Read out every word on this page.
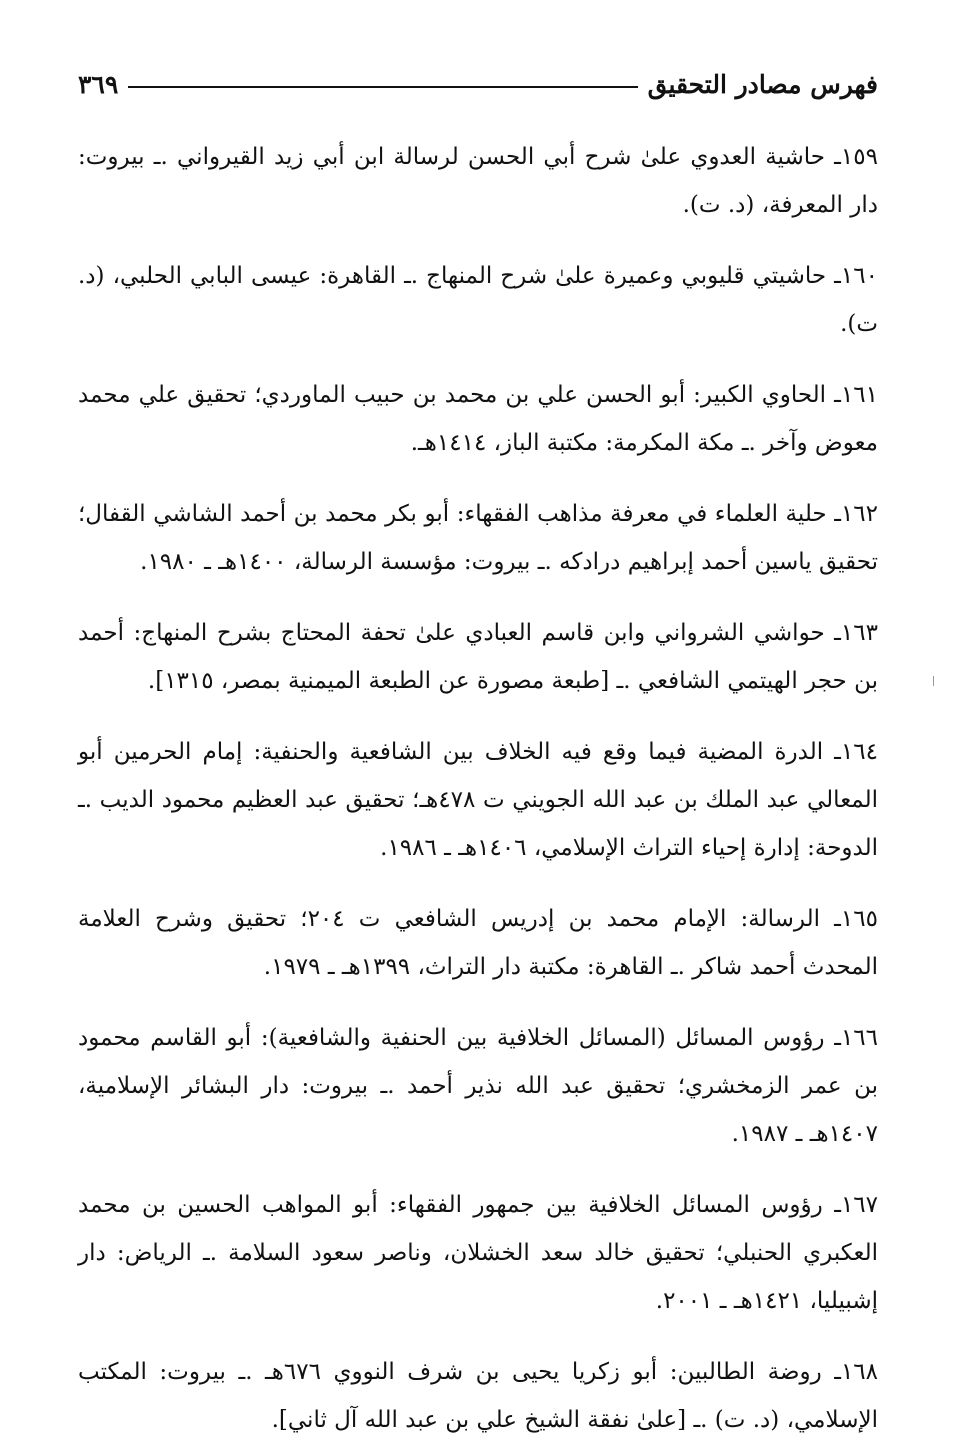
فهرس مصادر التحقيق
٣٦٩

١٥٩ـ حاشية العدوي علىٰ شرح أبي الحسن لرسالة ابن أبي زيد القيرواني .ـ بيروت: دار المعرفة، (د. ت).

١٦٠ـ حاشيتي قليوبي وعميرة علىٰ شرح المنهاج .ـ القاهرة: عيسى البابي الحلبي، (د. ت).

١٦١ـ الحاوي الكبير: أبو الحسن علي بن محمد بن حبيب الماوردي؛ تحقيق علي محمد معوض وآخر .ـ مكة المكرمة: مكتبة الباز، ١٤١٤هـ.

١٦٢ـ حلية العلماء في معرفة مذاهب الفقهاء: أبو بكر محمد بن أحمد الشاشي القفال؛ تحقيق ياسين أحمد إبراهيم درادكه .ـ بيروت: مؤسسة الرسالة، ١٤٠٠هـ ـ ١٩٨٠.

١٦٣ـ حواشي الشرواني وابن قاسم العبادي علىٰ تحفة المحتاج بشرح المنهاج: أحمد بن حجر الهيتمي الشافعي .ـ [طبعة مصورة عن الطبعة الميمنية بمصر، ١٣١٥].

١٦٤ـ الدرة المضية فيما وقع فيه الخلاف بين الشافعية والحنفية: إمام الحرمين أبو المعالي عبد الملك بن عبد الله الجويني ت ٤٧٨هـ؛ تحقيق عبد العظيم محمود الديب .ـ الدوحة: إدارة إحياء التراث الإسلامي، ١٤٠٦هـ ـ ١٩٨٦.

١٦٥ـ الرسالة: الإمام محمد بن إدريس الشافعي ت ٢٠٤؛ تحقيق وشرح العلامة المحدث أحمد شاكر .ـ القاهرة: مكتبة دار التراث، ١٣٩٩هـ ـ ١٩٧٩.

١٦٦ـ رؤوس المسائل (المسائل الخلافية بين الحنفية والشافعية): أبو القاسم محمود بن عمر الزمخشري؛ تحقيق عبد الله نذير أحمد .ـ بيروت: دار البشائر الإسلامية، ١٤٠٧هـ ـ ١٩٨٧.

١٦٧ـ رؤوس المسائل الخلافية بين جمهور الفقهاء: أبو المواهب الحسين بن محمد العكبري الحنبلي؛ تحقيق خالد سعد الخشلان، وناصر سعود السلامة .ـ الرياض: دار إشبيليا، ١٤٢١هـ ـ ٢٠٠١.

١٦٨ـ روضة الطالبين: أبو زكريا يحيى بن شرف النووي ٦٧٦هـ .ـ بيروت: المكتب الإسلامي، (د. ت) .ـ [علىٰ نفقة الشيخ علي بن عبد الله آل ثاني].
